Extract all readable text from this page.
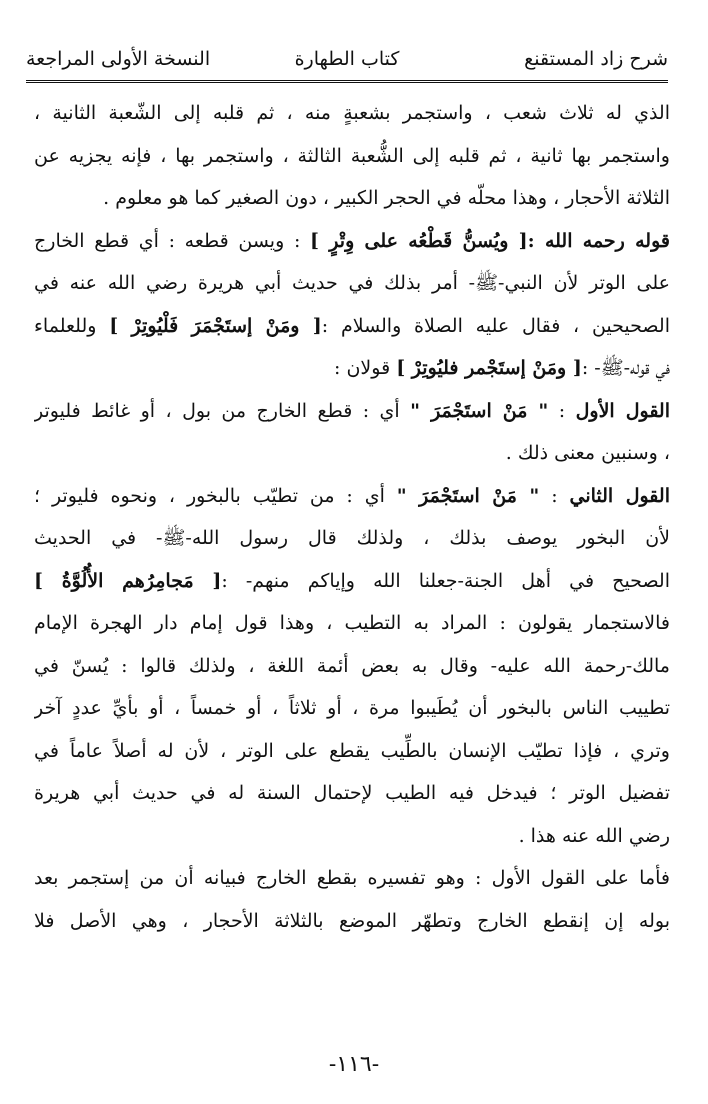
شرح زاد المستقنع
كتاب الطهارة
النسخة الأولى المراجعة
الذي له ثلاث شعب ، واستجمر بشعبةٍ منه ، ثم قلبه إلى الشّعبة الثانية ،
واستجمر بها ثانية ، ثم قلبه إلى الشُّعبة الثالثة ، واستجمر بها ، فإنه يجزيه عن
الثلاثة الأحجار ، وهذا محلّه في الحجر الكبير ، دون الصغير كما هو معلوم .
قوله رحمه الله :[ ويُسنُّ قَطْعُه على وِتْرٍ ] : ويسن قطعه : أي قطع الخارج
على الوتر لأن النبي-ﷺ- أمر بذلك في حديث أبي هريرة رضي الله عنه في
الصحيحين ، فقال عليه الصلاة والسلام :[ ومَنْ إستَجْمَرَ فَلْيُوتِرْ ] وللعلماء
في قوله-ﷺ- :[ ومَنْ إستَجْمر فليُوتِرْ ] قولان :
القول الأول : " مَنْ استَجْمَرَ " أي : قطع الخارج من بول ، أو غائط فليوتر
، وسنبين معنى ذلك .
القول الثاني : " مَنْ استَجْمَرَ " أي : من تطيّب بالبخور ، ونحوه فليوتر ؛
لأن البخور يوصف بذلك ، ولذلك قال رسول الله-ﷺ- في الحديث
الصحيح في أهل الجنة-جعلنا الله وإياكم منهم- :[ مَجامِرُهم الأُلُوَّةُ ]
فالاستجمار يقولون : المراد به التطيب ، وهذا قول إمام دار الهجرة الإمام
مالك-رحمة الله عليه- وقال به بعض أئمة اللغة ، ولذلك قالوا : يُسنّ في
تطييب الناس بالبخور أن يُطَيبوا مرة ، أو ثلاثاً ، أو خمساً ، أو بأيِّ عددٍ آخر
وتري ، فإذا تطيّب الإنسان بالطِّيب يقطع على الوتر ، لأن له أصلاً عاماً في
تفضيل الوتر ؛ فيدخل فيه الطيب لإحتمال السنة له في حديث أبي هريرة
رضي الله عنه هذا .
فأما على القول الأول : وهو تفسيره بقطع الخارج فبيانه أن من إستجمر بعد
بوله إن إنقطع الخارج وتطهّر الموضع بالثلاثة الأحجار ، وهي الأصل فلا
-١١٦-
